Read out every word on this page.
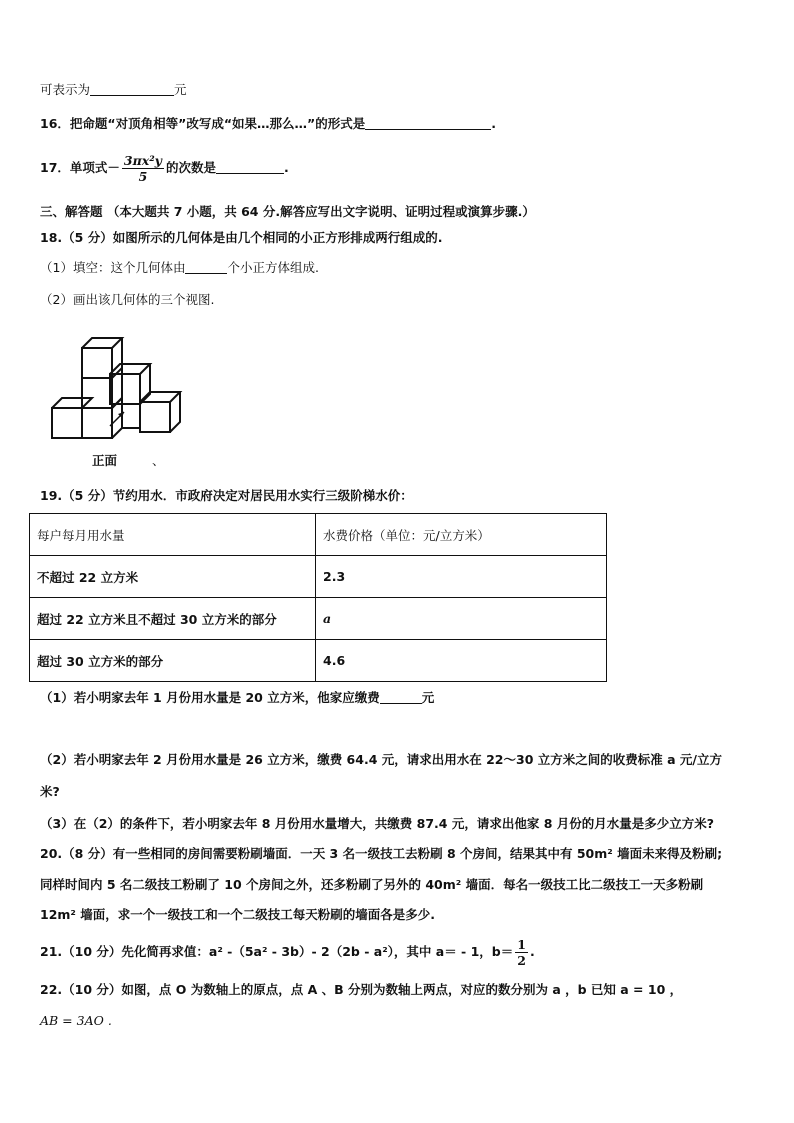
可表示为	元
16．把命题“对顶角相等”改写成“如果…那么…”的形式是	.
17．单项式－ $\frac{\text{3πx²y}}{5}$ 的次数是	.
三、解答题 （本大题共 7 小题，共 64 分.解答应写出文字说明、证明过程或演算步骤.）
18.（5 分）如图所示的几何体是由几个相同的小正方形排成两行组成的.
（1）填空：这个几何体由	个小正方体组成.
（2）画出该几何体的三个视图.
正面	、
19.（5 分）节约用水．市政府决定对居民用水实行三级阶梯水价：
每户每月用水量	水费价格（单位：元/立方米）
不超过 22 立方米	2.3
超过 22 立方米且不超过 30 立方米的部分	a
超过 30 立方米的部分	4.6
（1）若小明家去年 1 月份用水量是 20 立方米，他家应缴费	元
（2）若小明家去年 2 月份用水量是 26 立方米，缴费 64.4 元，请求出用水在 22～30 立方米之间的收费标准 a 元/立方
米?
（3）在（2）的条件下，若小明家去年 8 月份用水量增大，共缴费 87.4 元，请求出他家 8 月份的月水量是多少立方米?
20.（8 分）有一些相同的房间需要粉刷墙面．一天 3 名一级技工去粉刷 8 个房间，结果其中有 50m² 墙面未来得及粉刷;
同样时间内 5 名二级技工粉刷了 10 个房间之外，还多粉刷了另外的 40m² 墙面．每名一级技工比二级技工一天多粉刷
12m² 墙面，求一个一级技工和一个二级技工每天粉刷的墙面各是多少.
21.（10 分）先化简再求值：a² -（5a² - 3b）- 2（2b - a²），其中 a＝ - 1，$b= \frac{1}{2}$ .
22.（10 分）如图，点 O 为数轴上的原点，点 A 、B 分别为数轴上两点，对应的数分别为 a ，b 已知 a = 10 ，
AB = 3AO .
